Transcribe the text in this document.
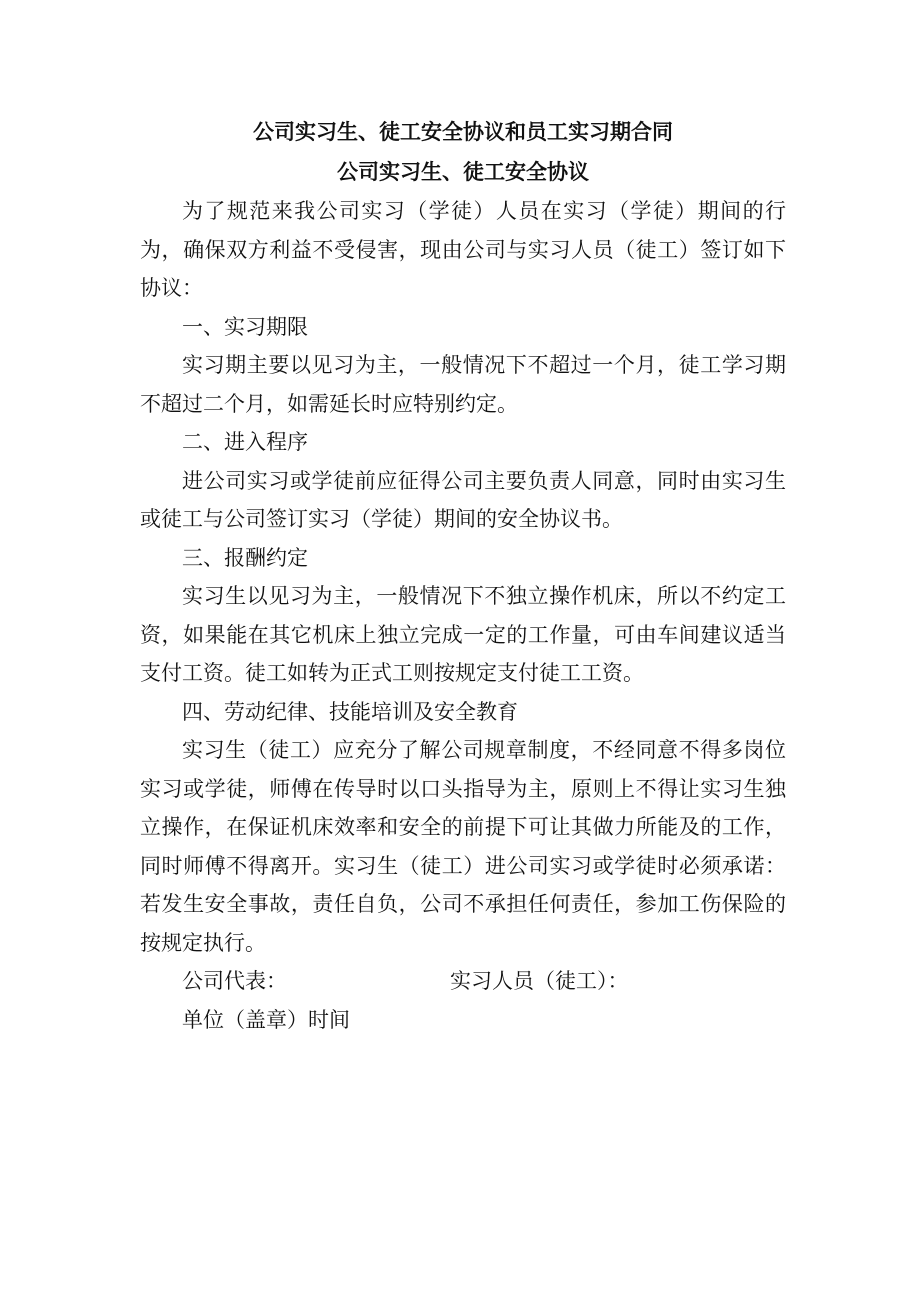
公司实习生、徒工安全协议和员工实习期合同
公司实习生、徒工安全协议

为了规范来我公司实习（学徒）人员在实习（学徒）期间的行为，确保双方利益不受侵害，现由公司与实习人员（徒工）签订如下协议：

一、实习期限

实习期主要以见习为主，一般情况下不超过一个月，徒工学习期不超过二个月，如需延长时应特别约定。

二、进入程序

进公司实习或学徒前应征得公司主要负责人同意，同时由实习生或徒工与公司签订实习（学徒）期间的安全协议书。

三、报酬约定

实习生以见习为主，一般情况下不独立操作机床，所以不约定工资，如果能在其它机床上独立完成一定的工作量，可由车间建议适当支付工资。徒工如转为正式工则按规定支付徒工工资。

四、劳动纪律、技能培训及安全教育

实习生（徒工）应充分了解公司规章制度，不经同意不得多岗位实习或学徒，师傅在传导时以口头指导为主，原则上不得让实习生独立操作，在保证机床效率和安全的前提下可让其做力所能及的工作，同时师傅不得离开。实习生（徒工）进公司实习或学徒时必须承诺：若发生安全事故，责任自负，公司不承担任何责任，参加工伤保险的按规定执行。

公司代表：	实习人员（徒工）：
单位（盖章）时间
